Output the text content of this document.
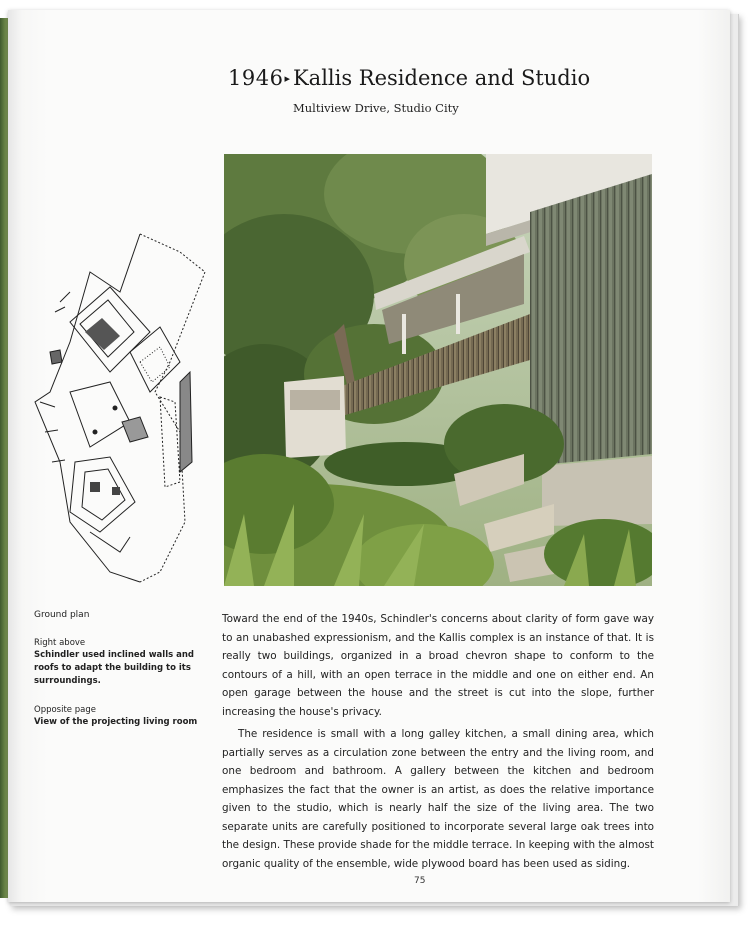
1946▸ Kallis Residence and Studio
Multiview Drive, Studio City

Ground plan

Right above

Schindler used inclined walls and roofs to adapt the building to its surroundings.

Opposite page

View of the projecting living room

Toward the end of the 1940s, Schindler's concerns about clarity of form gave way to an unabashed expressionism, and the Kallis complex is an instance of that. It is really two buildings, organized in a broad chevron shape to conform to the contours of a hill, with an open terrace in the middle and one on either end. An open garage between the house and the street is cut into the slope, further increasing the house's privacy.

The residence is small with a long galley kitchen, a small dining area, which partially serves as a circulation zone between the entry and the living room, and one bedroom and bathroom. A gallery between the kitchen and bedroom emphasizes the fact that the owner is an artist, as does the relative importance given to the studio, which is nearly half the size of the living area. The two separate units are carefully positioned to incorporate several large oak trees into the design. These provide shade for the middle terrace. In keeping with the almost organic quality of the ensemble, wide plywood board has been used as siding.

75
